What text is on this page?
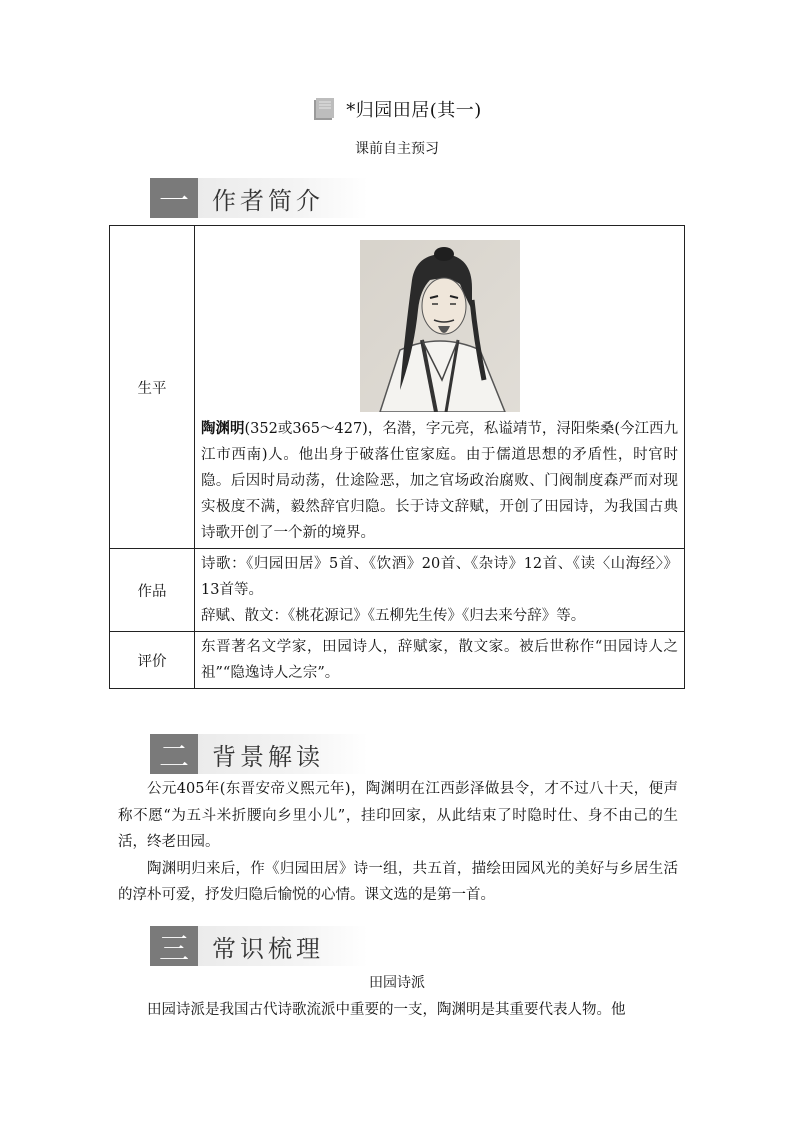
*归园田居(其一)
课前自主预习
一 作者简介
生平	陶渊明(352或365～427)，名潜，字元亮，私谥靖节，浔阳柴桑(今江西九江市西南)人。他出身于破落仕宦家庭。由于儒道思想的矛盾性，时官时隐。后因时局动荡，仕途险恶，加之官场政治腐败、门阀制度森严而对现实极度不满，毅然辞官归隐。长于诗文辞赋，开创了田园诗，为我国古典诗歌开创了一个新的境界。

作品	诗歌：《归园田居》5首、《饮酒》20首、《杂诗》12首、《读〈山海经〉》13首等。
辞赋、散文：《桃花源记》《五柳先生传》《归去来兮辞》等。

评价	东晋著名文学家，田园诗人，辞赋家，散文家。被后世称作“田园诗人之祖”“隐逸诗人之宗”。
二 背景解读

公元405年(东晋安帝义熙元年)，陶渊明在江西彭泽做县令，才不过八十天，便声称不愿“为五斗米折腰向乡里小儿”，挂印回家，从此结束了时隐时仕、身不由己的生活，终老田园。

陶渊明归来后，作《归园田居》诗一组，共五首，描绘田园风光的美好与乡居生活的淳朴可爱，抒发归隐后愉悦的心情。课文选的是第一首。

三 常识梳理
田园诗派

田园诗派是我国古代诗歌流派中重要的一支，陶渊明是其重要代表人物。他
